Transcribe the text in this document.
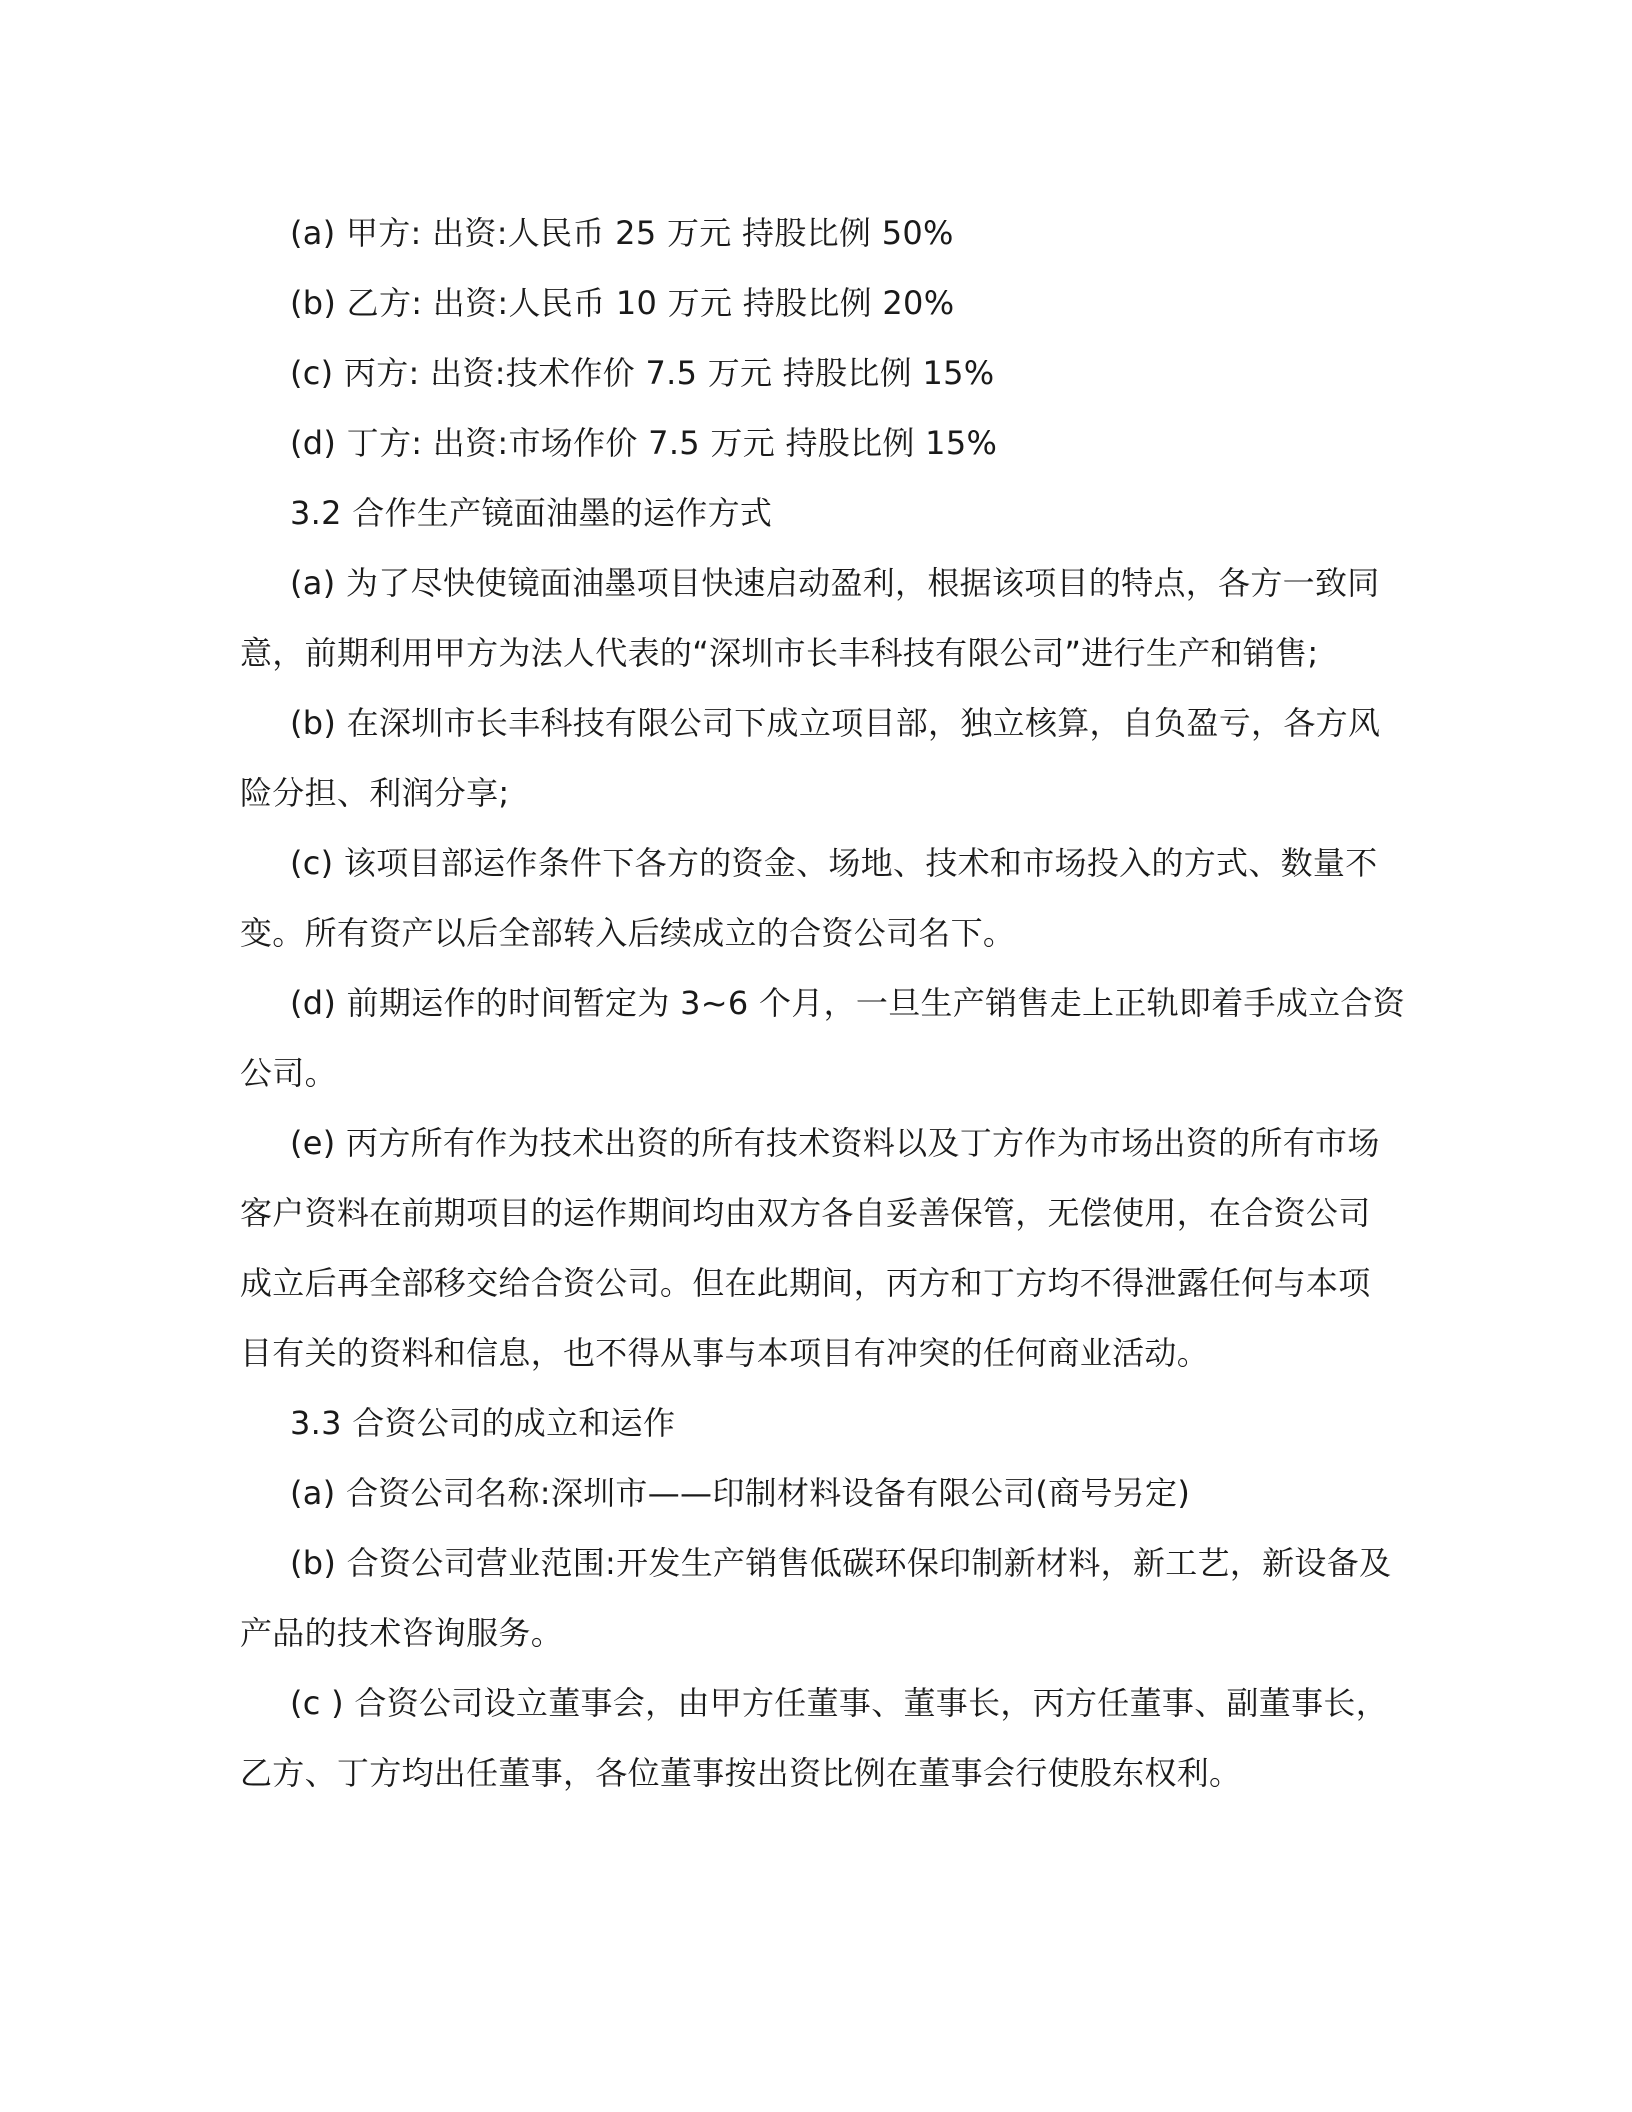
(a) 甲方: 出资:人民币 25 万元 持股比例 50%
(b) 乙方: 出资:人民币 10 万元 持股比例 20%
(c) 丙方: 出资:技术作价 7.5 万元 持股比例 15%
(d) 丁方: 出资:市场作价 7.5 万元 持股比例 15%
3.2 合作生产镜面油墨的运作方式
(a) 为了尽快使镜面油墨项目快速启动盈利，根据该项目的特点，各方一致同
意，前期利用甲方为法人代表的“深圳市长丰科技有限公司”进行生产和销售;
(b) 在深圳市长丰科技有限公司下成立项目部，独立核算，自负盈亏，各方风
险分担、利润分享;
(c) 该项目部运作条件下各方的资金、场地、技术和市场投入的方式、数量不
变。所有资产以后全部转入后续成立的合资公司名下。
(d) 前期运作的时间暂定为 3~6 个月，一旦生产销售走上正轨即着手成立合资
公司。
(e) 丙方所有作为技术出资的所有技术资料以及丁方作为市场出资的所有市场
客户资料在前期项目的运作期间均由双方各自妥善保管，无偿使用，在合资公司
成立后再全部移交给合资公司。但在此期间，丙方和丁方均不得泄露任何与本项
目有关的资料和信息，也不得从事与本项目有冲突的任何商业活动。
3.3 合资公司的成立和运作
(a) 合资公司名称:深圳市——印制材料设备有限公司(商号另定)
(b) 合资公司营业范围:开发生产销售低碳环保印制新材料，新工艺，新设备及
产品的技术咨询服务。
(c ) 合资公司设立董事会，由甲方任董事、董事长，丙方任董事、副董事长，
乙方、丁方均出任董事，各位董事按出资比例在董事会行使股东权利。
